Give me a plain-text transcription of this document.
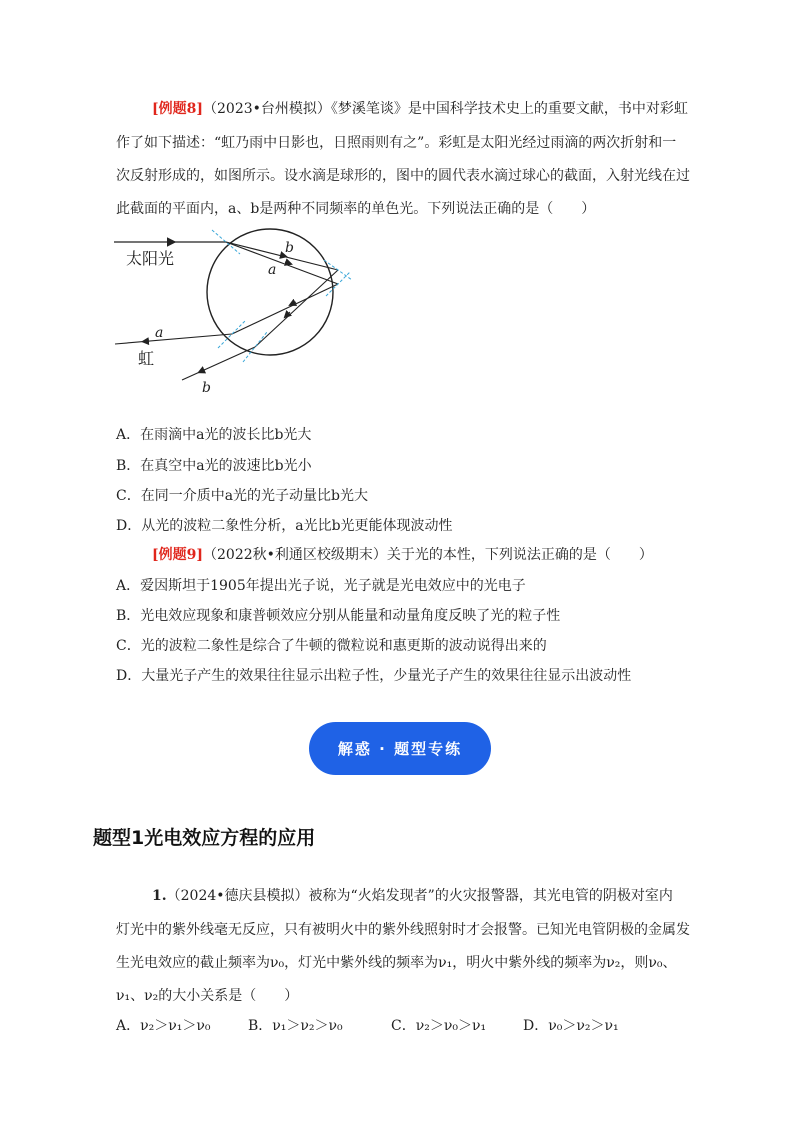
[例题8]（2023•台州模拟）《梦溪笔谈》是中国科学技术史上的重要文献，书中对彩虹
作了如下描述：“虹乃雨中日影也，日照雨则有之”。彩虹是太阳光经过雨滴的两次折射和一
次反射形成的，如图所示。设水滴是球形的，图中的圆代表水滴过球心的截面，入射光线在过
此截面的平面内，a、b是两种不同频率的单色光。下列说法正确的是（　　）
太阳光
虹
b
a
a
b
A．在雨滴中a光的波长比b光大
B．在真空中a光的波速比b光小
C．在同一介质中a光的光子动量比b光大
D．从光的波粒二象性分析，a光比b光更能体现波动性
[例题9]（2022秋•利通区校级期末）关于光的本性，下列说法正确的是（　　）
A．爱因斯坦于1905年提出光子说，光子就是光电效应中的光电子
B．光电效应现象和康普顿效应分别从能量和动量角度反映了光的粒子性
C．光的波粒二象性是综合了牛顿的微粒说和惠更斯的波动说得出来的
D．大量光子产生的效果往往显示出粒子性，少量光子产生的效果往往显示出波动性
解惑 · 题型专练
题型1光电效应方程的应用
1.（2024•德庆县模拟）被称为“火焰发现者”的火灾报警器，其光电管的阴极对室内
灯光中的紫外线毫无反应，只有被明火中的紫外线照射时才会报警。已知光电管阴极的金属发
生光电效应的截止频率为ν₀，灯光中紫外线的频率为ν₁，明火中紫外线的频率为ν₂，则ν₀、
ν₁、ν₂的大小关系是（　　）
A．ν₂＞ν₁＞ν₀	B．ν₁＞ν₂＞ν₀	C．ν₂＞ν₀＞ν₁	D．ν₀＞ν₂＞ν₁
